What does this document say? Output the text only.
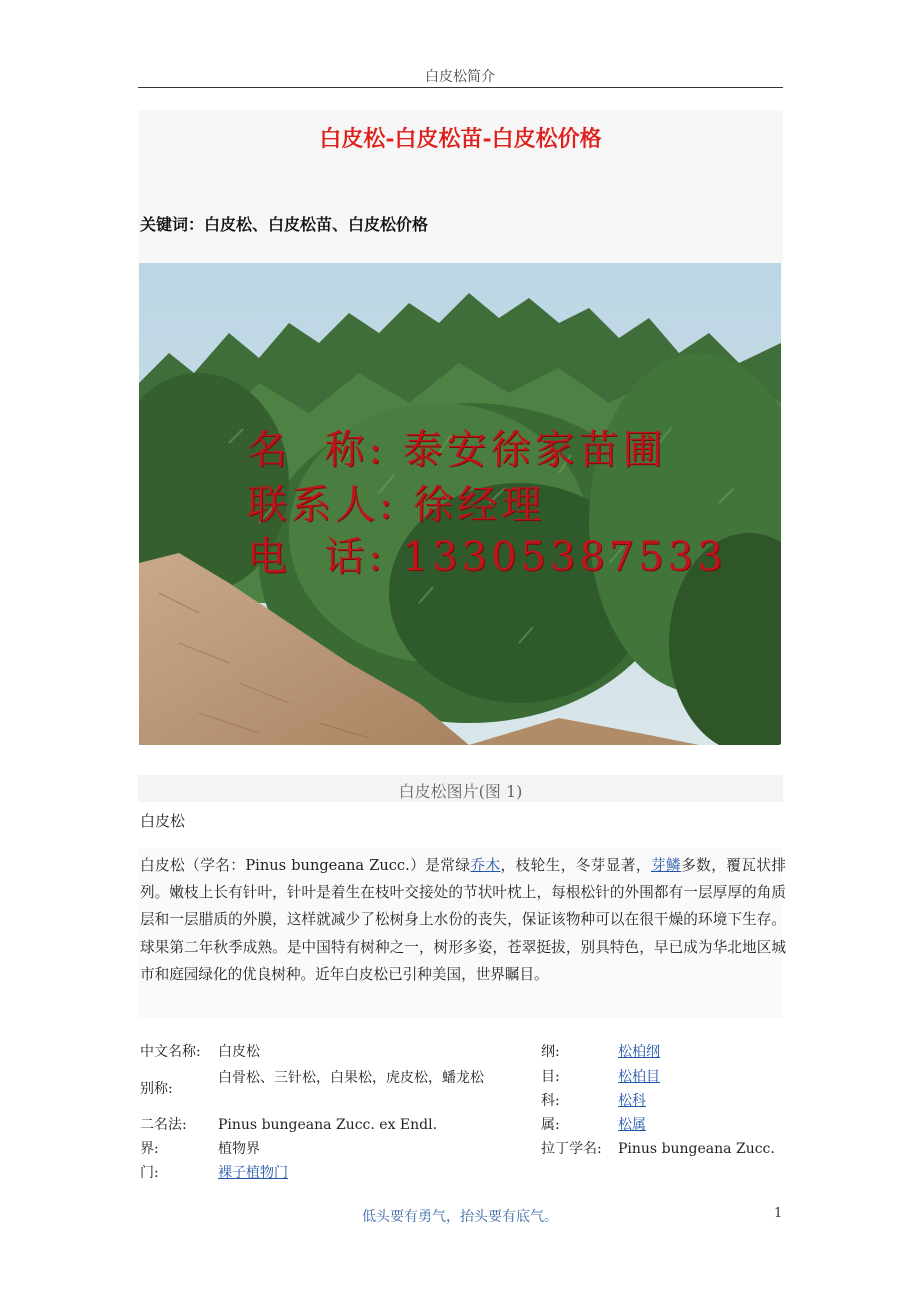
白皮松简介
白皮松-白皮松苗-白皮松价格
关键词：白皮松、白皮松苗、白皮松价格
名  称: 泰安徐家苗圃
联系人: 徐经理
电  话: 13305387533
白皮松图片(图 1)
白皮松
白皮松（学名：Pinus bungeana Zucc.）是常绿乔木，枝轮生，冬芽显著，芽鳞多数，覆瓦状排列。嫩枝上长有针叶，针叶是着生在枝叶交接处的节状叶枕上，每根松针的外围都有一层厚厚的角质层和一层腊质的外膜，这样就减少了松树身上水份的丧失，保证该物种可以在很干燥的环境下生存。球果第二年秋季成熟。是中国特有树种之一，树形多姿，苍翠挺拔，别具特色，早已成为华北地区城市和庭园绿化的优良树种。近年白皮松已引种美国，世界瞩目。
中文名称: 白皮松
别称:
白骨松、三针松，白果松，虎皮松，蟠龙松
二名法: Pinus bungeana Zucc. ex Endl.
界:	植物界
门:	裸子植物门
纲:	松柏纲
目:	松柏目
科:	松科
属:	松属
拉丁学名: Pinus bungeana Zucc.
低头要有勇气，抬头要有底气。	1
